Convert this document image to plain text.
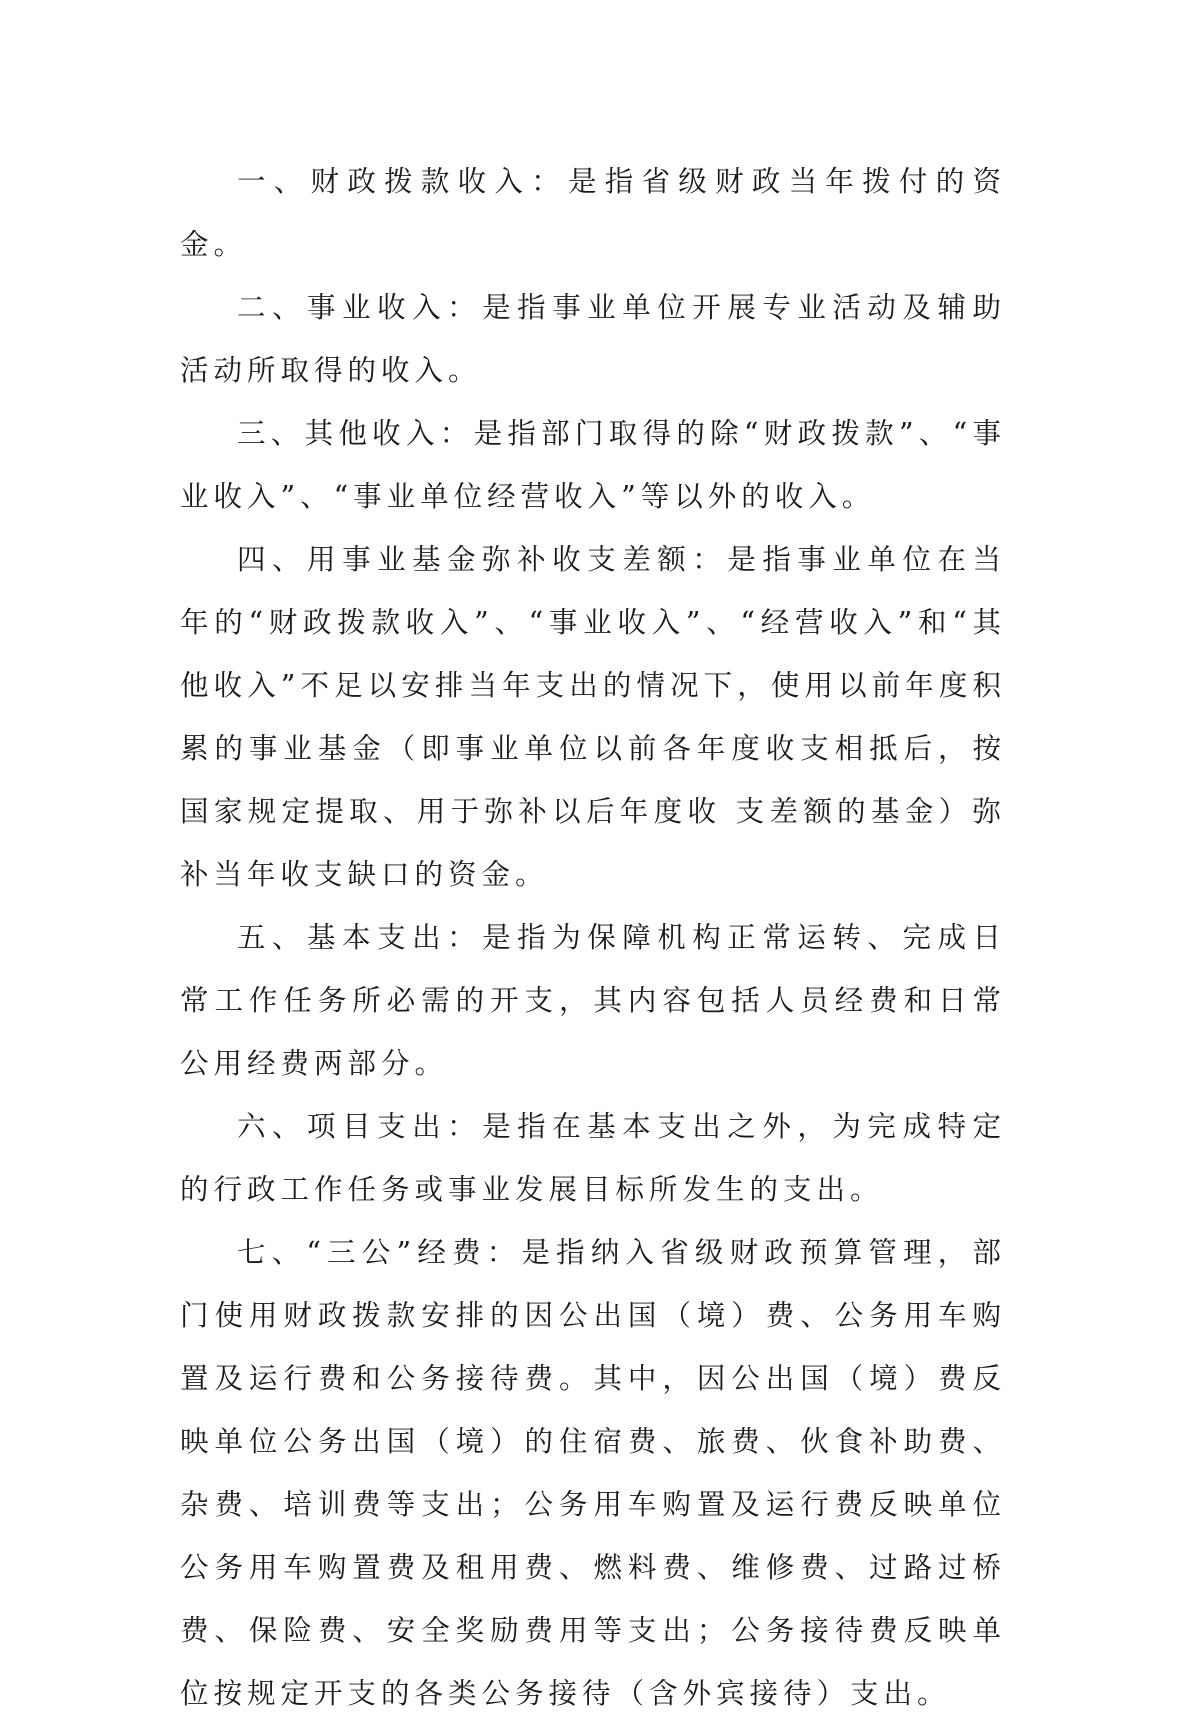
一、财政拨款收入：是指省级财政当年拨付的资金。

二、事业收入：是指事业单位开展专业活动及辅助活动所取得的收入。

三、其他收入：是指部门取得的除“财政拨款”、“事业收入”、“事业单位经营收入”等以外的收入。

四、用事业基金弥补收支差额：是指事业单位在当年的“财政拨款收入”、“事业收入”、“经营收入”和“其他收入”不足以安排当年支出的情况下，使用以前年度积累的事业基金（即事业单位以前各年度收支相抵后，按国家规定提取、用于弥补以后年度收 支差额的基金）弥补当年收支缺口的资金。

五、基本支出：是指为保障机构正常运转、完成日常工作任务所必需的开支，其内容包括人员经费和日常公用经费两部分。

六、项目支出：是指在基本支出之外，为完成特定的行政工作任务或事业发展目标所发生的支出。

七、“三公”经费：是指纳入省级财政预算管理，部门使用财政拨款安排的因公出国（境）费、公务用车购置及运行费和公务接待费。其中，因公出国（境）费反映单位公务出国（境）的住宿费、旅费、伙食补助费、杂费、培训费等支出；公务用车购置及运行费反映单位公务用车购置费及租用费、燃料费、维修费、过路过桥费、保险费、安全奖励费用等支出；公务接待费反映单位按规定开支的各类公务接待（含外宾接待）支出。
